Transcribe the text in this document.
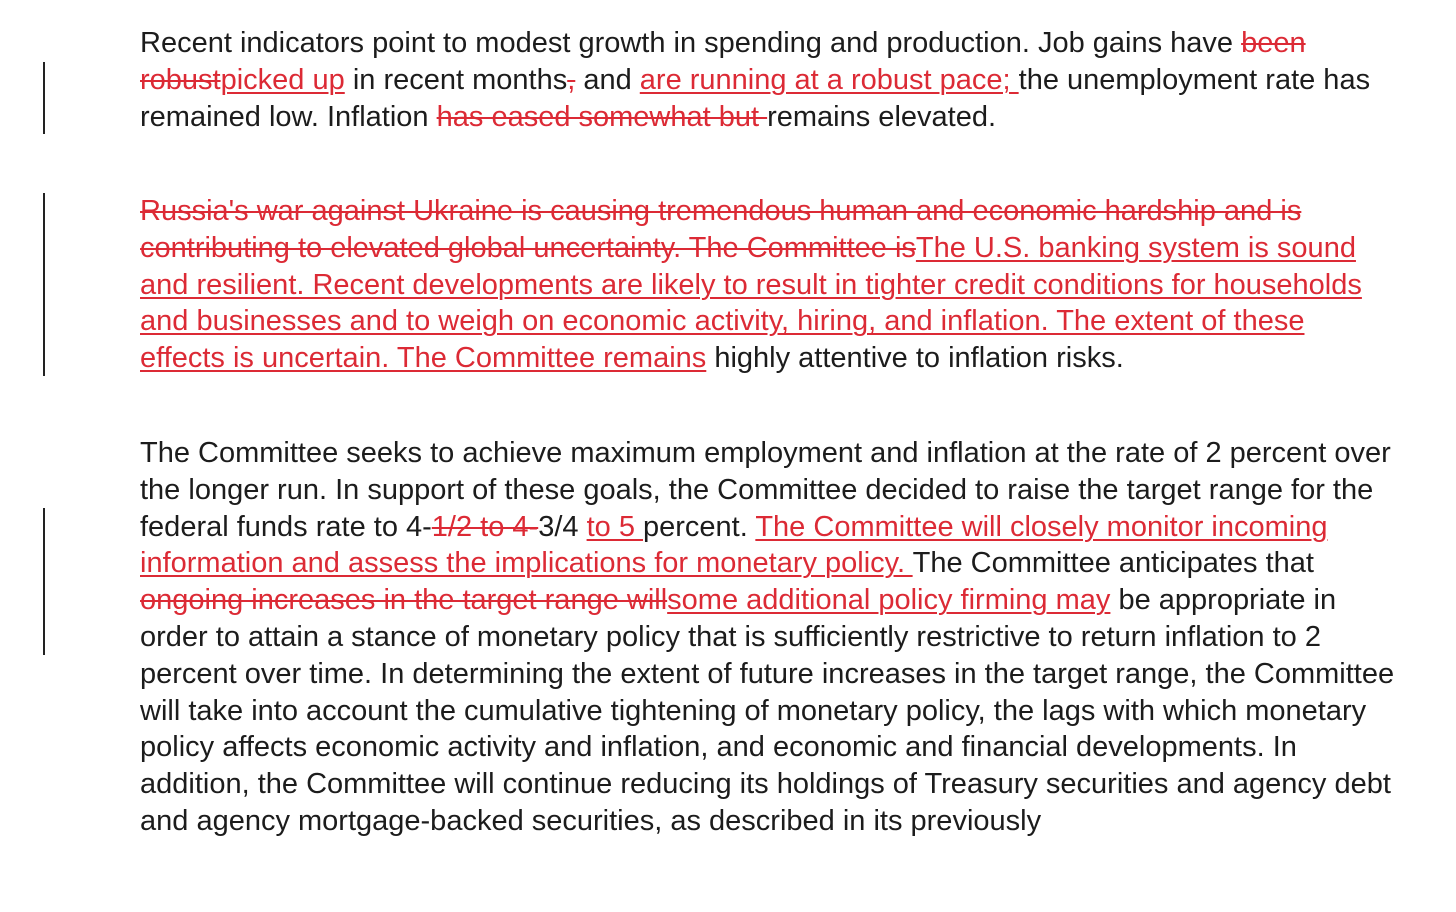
Recent indicators point to modest growth in spending and production. Job gains have been robustpicked up in recent months, and are running at a robust pace; the unemployment rate has remained low. Inflation has eased somewhat but remains elevated.

Russia's war against Ukraine is causing tremendous human and economic hardship and is contributing to elevated global uncertainty. The Committee isThe U.S. banking system is sound and resilient. Recent developments are likely to result in tighter credit conditions for households and businesses and to weigh on economic activity, hiring, and inflation. The extent of these effects is uncertain. The Committee remains highly attentive to inflation risks.

The Committee seeks to achieve maximum employment and inflation at the rate of 2 percent over the longer run. In support of these goals, the Committee decided to raise the target range for the federal funds rate to 4-1/2 to 4-3/4 to 5 percent. The Committee will closely monitor incoming information and assess the implications for monetary policy. The Committee anticipates that ongoing increases in the target range willsome additional policy firming may be appropriate in order to attain a stance of monetary policy that is sufficiently restrictive to return inflation to 2 percent over time. In determining the extent of future increases in the target range, the Committee will take into account the cumulative tightening of monetary policy, the lags with which monetary policy affects economic activity and inflation, and economic and financial developments. In addition, the Committee will continue reducing its holdings of Treasury securities and agency debt and agency mortgage-backed securities, as described in its previously
